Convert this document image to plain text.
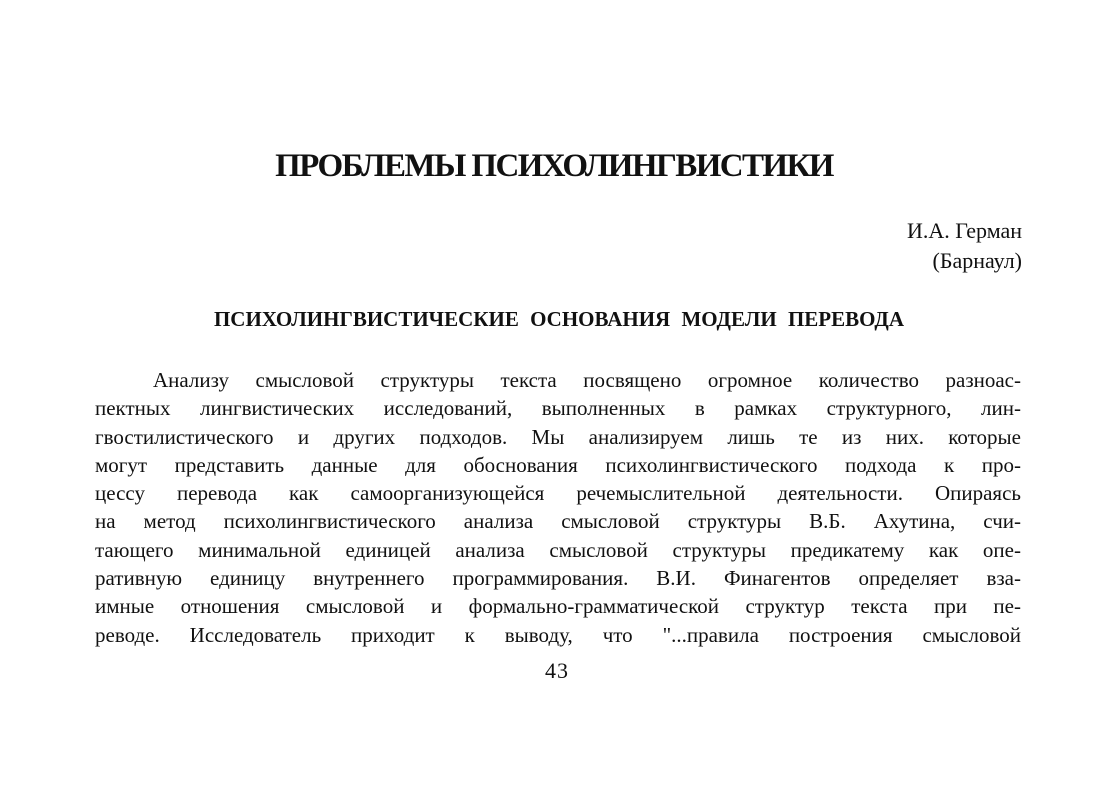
ПРОБЛЕМЫ ПСИХОЛИНГВИСТИКИ
И.А. Герман
(Барнаул)
ПСИХОЛИНГВИСТИЧЕСКИЕ ОСНОВАНИЯ МОДЕЛИ ПЕРЕВОДА
Анализу смысловой структуры текста посвящено огромное количество разноас-
пектных лингвистических исследований, выполненных в рамках структурного, лин-
гвостилистического и других подходов. Мы анализируем лишь те из них. которые
могут представить данные для обоснования психолингвистического подхода к про-
цессу перевода как самоорганизующейся речемыслительной деятельности. Опираясь
на метод психолингвистического анализа смысловой структуры В.Б. Ахутина, счи-
тающего минимальной единицей анализа смысловой структуры предикатему как опе-
ративную единицу внутреннего программирования. В.И. Финагентов определяет вза-
имные отношения смысловой и формально-грамматической структур текста при пе-
реводе. Исследователь приходит к выводу, что "...правила построения смысловой
43
